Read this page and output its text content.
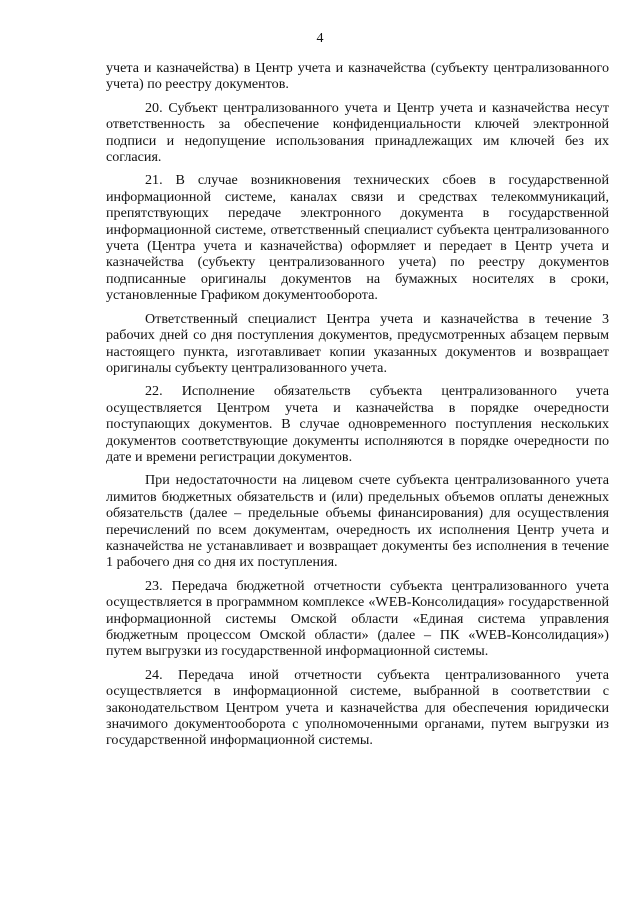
4

учета и казначейства) в Центр учета и казначейства (субъекту централизованного учета) по реестру документов.

20. Субъект централизованного учета и Центр учета и казначейства несут ответственность за обеспечение конфиденциальности ключей электронной подписи и недопущение использования принадлежащих им ключей без их согласия.

21. В случае возникновения технических сбоев в государственной информационной системе, каналах связи и средствах телекоммуникаций, препятствующих передаче электронного документа в государственной информационной системе, ответственный специалист субъекта централизованного учета (Центра учета и казначейства) оформляет и передает в Центр учета и казначейства (субъекту централизованного учета) по реестру документов подписанные оригиналы документов на бумажных носителях в сроки, установленные Графиком документооборота.

Ответственный специалист Центра учета и казначейства в течение 3 рабочих дней со дня поступления документов, предусмотренных абзацем первым настоящего пункта, изготавливает копии указанных документов и возвращает оригиналы субъекту централизованного учета.

22. Исполнение обязательств субъекта централизованного учета осуществляется Центром учета и казначейства в порядке очередности поступающих документов. В случае одновременного поступления нескольких документов соответствующие документы исполняются в порядке очередности по дате и времени регистрации документов.

При недостаточности на лицевом счете субъекта централизованного учета лимитов бюджетных обязательств и (или) предельных объемов оплаты денежных обязательств (далее – предельные объемы финансирования) для осуществления перечислений по всем документам, очередность их исполнения Центр учета и казначейства не устанавливает и возвращает документы без исполнения в течение 1 рабочего дня со дня их поступления.

23. Передача бюджетной отчетности субъекта централизованного учета осуществляется в программном комплексе «WEB-Консолидация» государственной информационной системы Омской области «Единая система управления бюджетным процессом Омской области» (далее – ПК «WEB-Консолидация») путем выгрузки из государственной информационной системы.

24. Передача иной отчетности субъекта централизованного учета осуществляется в информационной системе, выбранной в соответствии с законодательством Центром учета и казначейства для обеспечения юридически значимого документооборота с уполномоченными органами, путем выгрузки из государственной информационной системы.
